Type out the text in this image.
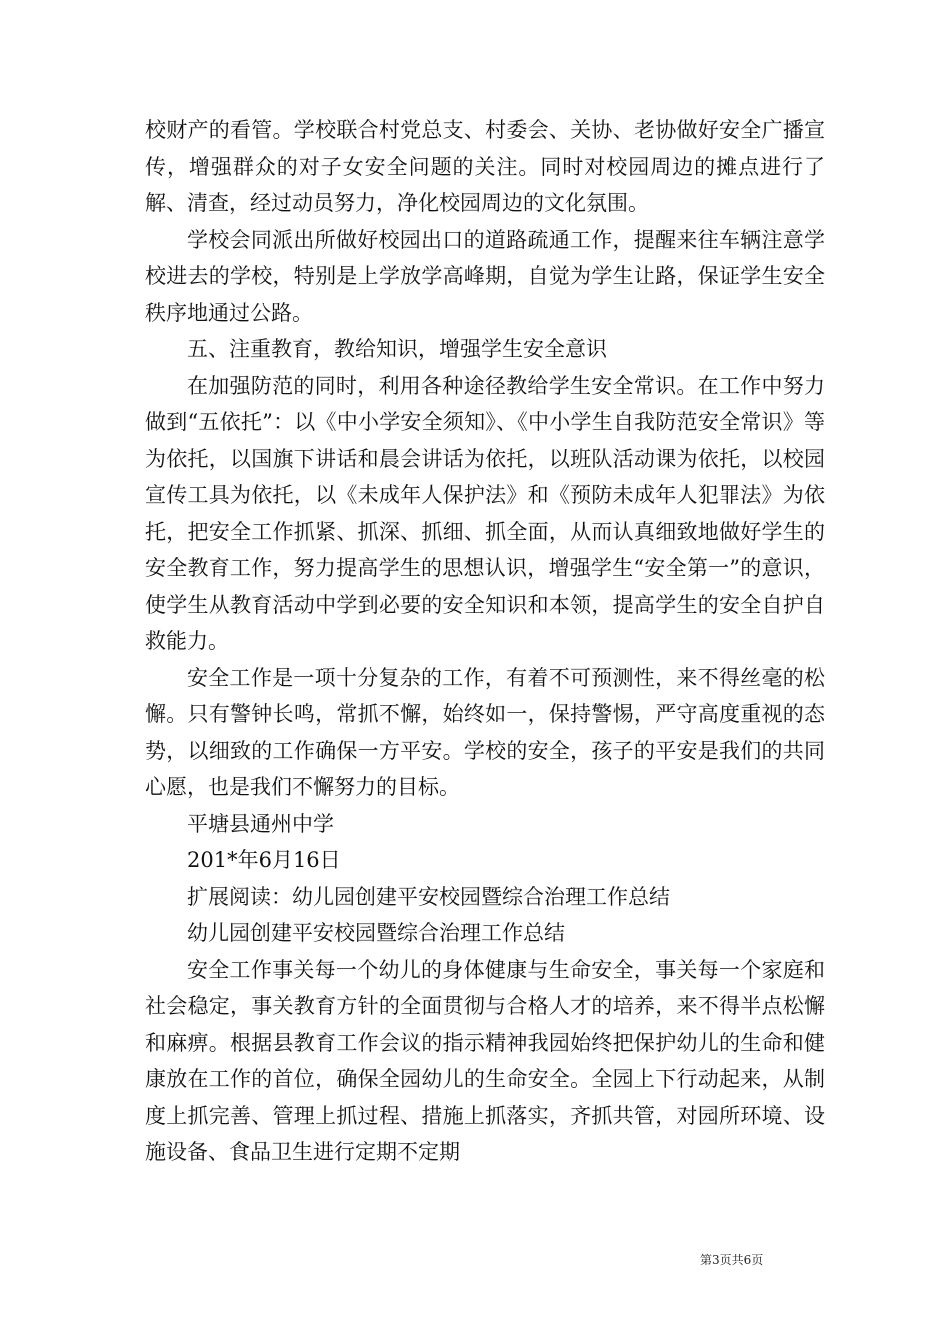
校财产的看管。学校联合村党总支、村委会、关协、老协做好安全广播宣传，增强群众的对子女安全问题的关注。同时对校园周边的摊点进行了解、清查，经过动员努力，净化校园周边的文化氛围。

学校会同派出所做好校园出口的道路疏通工作，提醒来往车辆注意学校进去的学校，特别是上学放学高峰期，自觉为学生让路，保证学生安全秩序地通过公路。

五、注重教育，教给知识，增强学生安全意识

在加强防范的同时，利用各种途径教给学生安全常识。在工作中努力做到“五依托”：以《中小学安全须知》、《中小学生自我防范安全常识》等为依托，以国旗下讲话和晨会讲话为依托，以班队活动课为依托，以校园宣传工具为依托，以《未成年人保护法》和《预防未成年人犯罪法》为依托，把安全工作抓紧、抓深、抓细、抓全面，从而认真细致地做好学生的安全教育工作，努力提高学生的思想认识，增强学生“安全第一”的意识，使学生从教育活动中学到必要的安全知识和本领，提高学生的安全自护自救能力。

安全工作是一项十分复杂的工作，有着不可预测性，来不得丝毫的松懈。只有警钟长鸣，常抓不懈，始终如一，保持警惕，严守高度重视的态势，以细致的工作确保一方平安。学校的安全，孩子的平安是我们的共同心愿，也是我们不懈努力的目标。

平塘县通州中学

201*年6月16日

扩展阅读：幼儿园创建平安校园暨综合治理工作总结

幼儿园创建平安校园暨综合治理工作总结

安全工作事关每一个幼儿的身体健康与生命安全，事关每一个家庭和社会稳定，事关教育方针的全面贯彻与合格人才的培养，来不得半点松懈和麻痹。根据县教育工作会议的指示精神我园始终把保护幼儿的生命和健康放在工作的首位，确保全园幼儿的生命安全。全园上下行动起来，从制度上抓完善、管理上抓过程、措施上抓落实，齐抓共管，对园所环境、设施设备、食品卫生进行定期不定期

第3页共6页
